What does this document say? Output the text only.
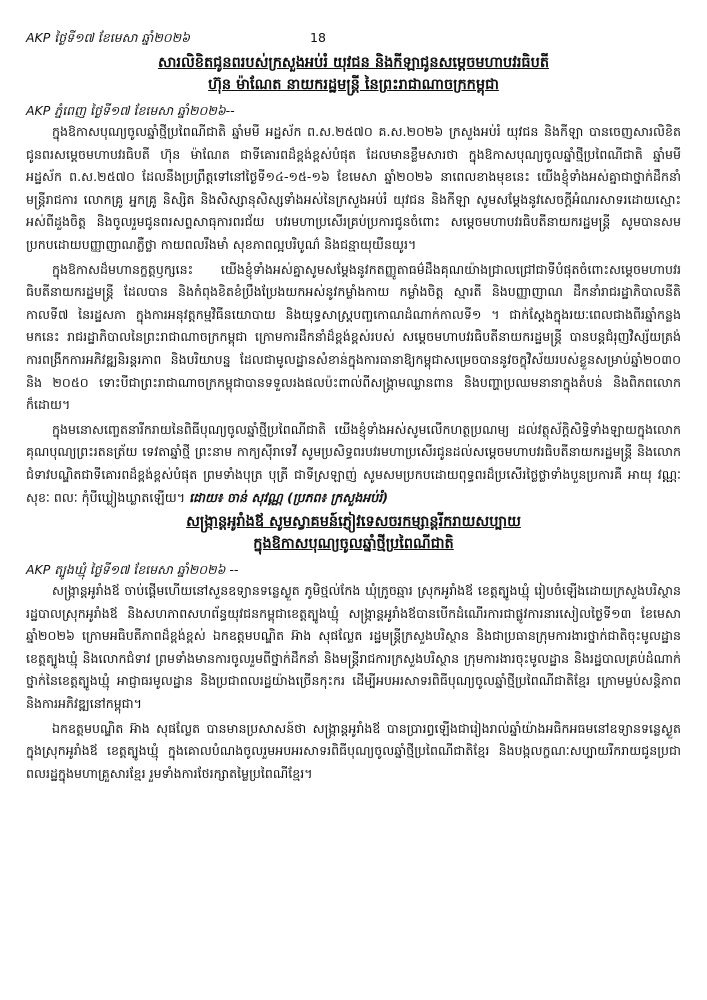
AKP ថ្ងៃទី១៧ ខែមេសា ឆ្នាំ២០២៦	18

សារលិខិតជូនពរបស់ក្រសួងអប់រំ យុវជន និងកីឡាជូនសម្តេចមហាបវរធិបតី

ហ៊ុន ម៉ាណែត នាយករដ្ឋមន្ត្រី នៃព្រះរាជាណាចក្រកម្ពុជា

AKP ភ្នំពេញ ថ្ងៃទី១៧ ខែមេសា ឆ្នាំ២០២៦--

ក្នុងឱកាសបុណ្យចូលឆ្នាំថ្មីប្រពៃណីជាតិ ឆ្នាំមមី អដ្ឋស័ក ព.ស.២៥៧០ គ.ស.២០២៦ ក្រសួងអប់រំ យុវជន និងកីឡា បានចេញសារលិខិតជូនពរសម្តេចមហាបវរធិបតី ហ៊ុន ម៉ាណែត ជាទីគោរពដ៏ខ្ពង់ខ្ពស់បំផុត ដែលមានខ្លឹមសារថា ក្នុងឱកាសបុណ្យចូលឆ្នាំថ្មីប្រពៃណីជាតិ ឆ្នាំមមី អដ្ឋស័ក ព.ស.២៥៧០ ដែលនឹងប្រព្រឹត្តទៅនៅថ្ងៃទី១៤-១៥-១៦ ខែមេសា ឆ្នាំ២០២៦ នាពេលខាងមុខនេះ យើងខ្ញុំទាំងអស់គ្នាជាថ្នាក់ដឹកនាំ មន្ត្រីរាជការ លោកគ្រូ អ្នកគ្រូ និស្សិត និងសិស្សានុសិស្សទាំងអស់នៃក្រសួងអប់រំ យុវជន និងកីឡា សូមសម្តែងនូវសេចក្តីអំណរសាទរដោយស្មោះអស់ពីដួងចិត្ត និងចូលរួមជូនពរសព្ទសាធុការពរជ័យ បវរមហាប្រសើរគ្រប់ប្រការជូនចំពោះ សម្តេចមហាបវរធិបតីនាយករដ្ឋមន្ត្រី សូមបានសមប្រកបដោយបញ្ញាញាណភ្លឺថ្លា កាយពលរឹងមាំ សុខភាពល្អបរិបូណ៌ និងជន្មាយុយឺនយូរ។

ក្នុងឱកាសដ៏មហានក្ខត្តឫក្សនេះ យើងខ្ញុំទាំងអស់គ្នាសូមសម្តែងនូវកតញ្ញូតាធម៌ដឹងគុណយ៉ាងជ្រាលជ្រៅជាទីបំផុតចំពោះសម្តេចមហាបវរធិបតីនាយករដ្ឋមន្ត្រី ដែលបាន និងកំពុងខិតខំប្រឹងប្រែងយកអស់នូវកម្លាំងកាយ កម្លាំងចិត្ត ស្មារតី និងបញ្ញាញាណ ដឹកនាំរាជរដ្ឋាភិបាលនីតិកាលទី៧ នៃរដ្ឋសភា ក្នុងការអនុវត្តកម្មវិធីនយោបាយ និងយុទ្ធសាស្ត្របញ្ចកោណដំណាក់កាលទី១ ។ ជាក់ស្តែងក្នុងរយៈពេលជាងពីរឆ្នាំកន្លងមកនេះ រាជរដ្ឋាភិបាលនៃព្រះរាជាណាចក្រកម្ពុជា ក្រោមការដឹកនាំដ៏ខ្ពង់ខ្ពស់របស់ សម្តេចមហាបវរធិបតីនាយករដ្ឋមន្ត្រី បានបន្តជំរុញវិស្ស័យត្រង់ការពង្រីកការអភិវឌ្ឍនិរន្តរភាព និងបរិយាបន្ន ដែលជាមូលដ្ឋានសំខាន់ក្នុងការធានាឱ្យកម្ពុជាសម្រេចបាននូវចក្ខុវិស័យរបស់ខ្លួនសម្រាប់ឆ្នាំ២០៣០ និង ២០៥០ ទោះបីជាព្រះរាជាណាចក្រកម្ពុជាបានទទួលរងផលប៉ះពាល់ពីសង្គ្រាមឈ្លានពាន និងបញ្ហាប្រឈមនានាក្នុងតំបន់ និងពិភពលោកក៏ដោយ។

ក្នុងមនោសញ្ចេតនារីករាយនៃពិធីបុណ្យចូលឆ្នាំថ្មីប្រពៃណីជាតិ យើងខ្ញុំទាំងអស់សូមលើកហត្ថប្រណម្យ ដល់វត្ថុស័ក្តិសិទ្ធិទាំងឡាយក្នុងលោក គុណបុណ្យព្រះរតនត្រ័យ ទេវតាឆ្នាំថ្មី ព្រះនាម កាក្យស៊ីរាទេវី សូមប្រសិទ្ធពរបវរមហាប្រសើរជូនដល់សម្តេចមហាបវរធិបតីនាយករដ្ឋមន្ត្រី និងលោកជំទាវបណ្ឌិតជាទីគោរពដ៏ខ្ពង់ខ្ពស់បំផុត ព្រមទាំងបុត្រ បុត្រី ជាទីស្រឡាញ់ សូមសមប្រកបដោយពុទ្ធពរដ៏ប្រសើរថ្លៃថ្លាទាំងបួនប្រការគឺ អាយុ វណ្ណៈ សុខៈ ពលៈ កុំបីឃ្លៀងឃ្លាតឡើយ។ ដោយ៖ ចាន់ សុវណ្ណ (ប្រភព៖ ក្រសួងអប់រំ)

សង្រ្កាន្តអូរាំងឪ សូមស្វាគមន៍ភ្ញៀវទេសចរកម្សាន្តរីករាយសប្បាយ

ក្នុងឱកាសបុណ្យចូលឆ្នាំថ្មីប្រពៃណីជាតិ

AKP ត្បូងឃ្មុំ ថ្ងៃទី១៧ ខែមេសា ឆ្នាំ២០២៦ --

សង្រ្កាន្តអូរាំងឪ ចាប់ផ្តើមហើយនៅសួនឧទ្យានទន្លេស្ងួត ភូមិថ្មល់កែង ឃុំក្រូចឆ្មារ ស្រុកអូរាំងឪ ខេត្តត្បូងឃ្មុំ រៀបចំឡើងដោយក្រសួងបរិស្ថាន រដ្ឋបាលស្រុកអូរាំងឪ និងសហភាពសហព័ន្ធយុវជនកម្ពុជាខេត្តត្បូងឃ្មុំ សង្រ្កាន្តអូរាំងឪបានបើកដំណើរការជាផ្លូវការនារសៀលថ្ងៃទី១៣ ខែមេសា ឆ្នាំ២០២៦ ក្រោមអធិបតីភាពដ៏ខ្ពង់ខ្ពស់ ឯកឧត្តមបណ្ឌិត អ៊ាង សុផល្លែត រដ្ឋមន្ត្រីក្រសួងបរិស្ថាន និងជាប្រធានក្រុមការងារថ្នាក់ជាតិចុះមូលដ្ឋានខេត្តត្បូងឃ្មុំ និងលោកជំទាវ ព្រមទាំងមានការចូលរួមពីថ្នាក់ដឹកនាំ និងមន្ត្រីរាជការក្រសួងបរិស្ថាន ក្រុមការងារចុះមូលដ្ឋាន និងរដ្ឋបាលគ្រប់ដំណាក់ថ្នាក់នៃខេត្តត្បូងឃ្មុំ អាជ្ញាធរមូលដ្ឋាន និងប្រជាពលរដ្ឋយ៉ាងច្រើនកុះករ ដើម្បីអបអរសាទរពិធីបុណ្យចូលឆ្នាំថ្មីប្រពៃណីជាតិខ្មែរ ក្រោមម្លប់សន្តិភាព និងការអភិវឌ្ឍនៅកម្ពុជា។

ឯកឧត្តមបណ្ឌិត អ៊ាង សុផល្លែត បានមានប្រសាសន៍ថា សង្រ្កាន្តអូរាំងឪ បានប្រារព្ធឡើងជារៀងរាល់ឆ្នាំយ៉ាងអធិកអធមនៅឧទ្យានទន្លេស្ងួត ក្នុងស្រុកអូរាំងឪ ខេត្តត្បូងឃ្មុំ ក្នុងគោលបំណងចូលរួមអបអរសាទរពិធីបុណ្យចូលឆ្នាំថ្មីប្រពៃណីជាតិខ្មែរ និងបង្កលក្ខណៈសប្បាយរីករាយជូនប្រជាពលរដ្ឋក្នុងមហាគ្រួសារខ្មែរ រួមទាំងការថែរក្សាតម្លៃប្រពៃណីខ្មែរ។
